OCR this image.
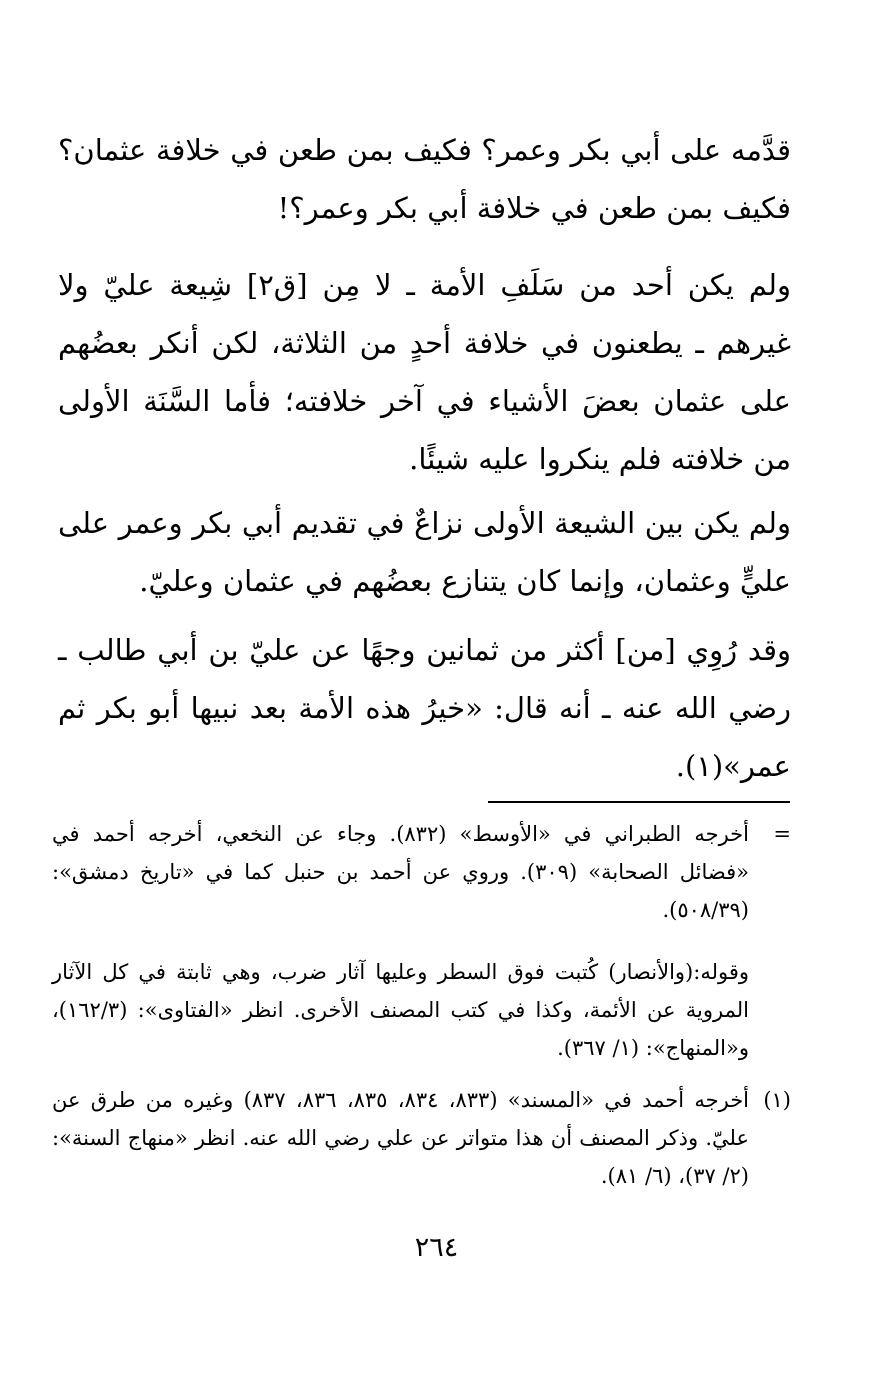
قدَّمه على أبي بكر وعمر؟ فكيف بمن طعن في خلافة عثمان؟ فكيف بمن طعن في خلافة أبي بكر وعمر؟!

ولم يكن أحد من سَلَفِ الأمة ـ لا مِن [ق٢] شِيعة عليّ ولا غيرهم ـ يطعنون في خلافة أحدٍ من الثلاثة، لكن أنكر بعضُهم على عثمان بعضَ الأشياء في آخر خلافته؛ فأما السَّنَة الأولى من خلافته فلم ينكروا عليه شيئًا.

ولم يكن بين الشيعة الأولى نزاعٌ في تقديم أبي بكر وعمر على عليٍّ وعثمان، وإنما كان يتنازع بعضُهم في عثمان وعليّ.

وقد رُوِي [من] أكثر من ثمانين وجهًا عن عليّ بن أبي طالب ـ رضي الله عنه ـ أنه قال: «خيرُ هذه الأمة بعد نبيها أبو بكر ثم عمر»(١).

=
أخرجه الطبراني في «الأوسط» (٨٣٢). وجاء عن النخعي، أخرجه أحمد في «فضائل الصحابة» (٣٠٩). وروي عن أحمد بن حنبل كما في «تاريخ دمشق»: (٥٠٨/٣٩).
وقوله:(والأنصار) كُتبت فوق السطر وعليها آثار ضرب، وهي ثابتة في كل الآثار المروية عن الأئمة، وكذا في كتب المصنف الأخرى. انظر «الفتاوى»: (١٦٢/٣)، و«المنهاج»: (١/ ٣٦٧).
(١)
أخرجه أحمد في «المسند» (٨٣٣، ٨٣٤، ٨٣٥، ٨٣٦، ٨٣٧) وغيره من طرق عن عليّ. وذكر المصنف أن هذا متواتر عن علي رضي الله عنه. انظر «منهاج السنة»: (٢/ ٣٧)، (٦/ ٨١).
٢٦٤
